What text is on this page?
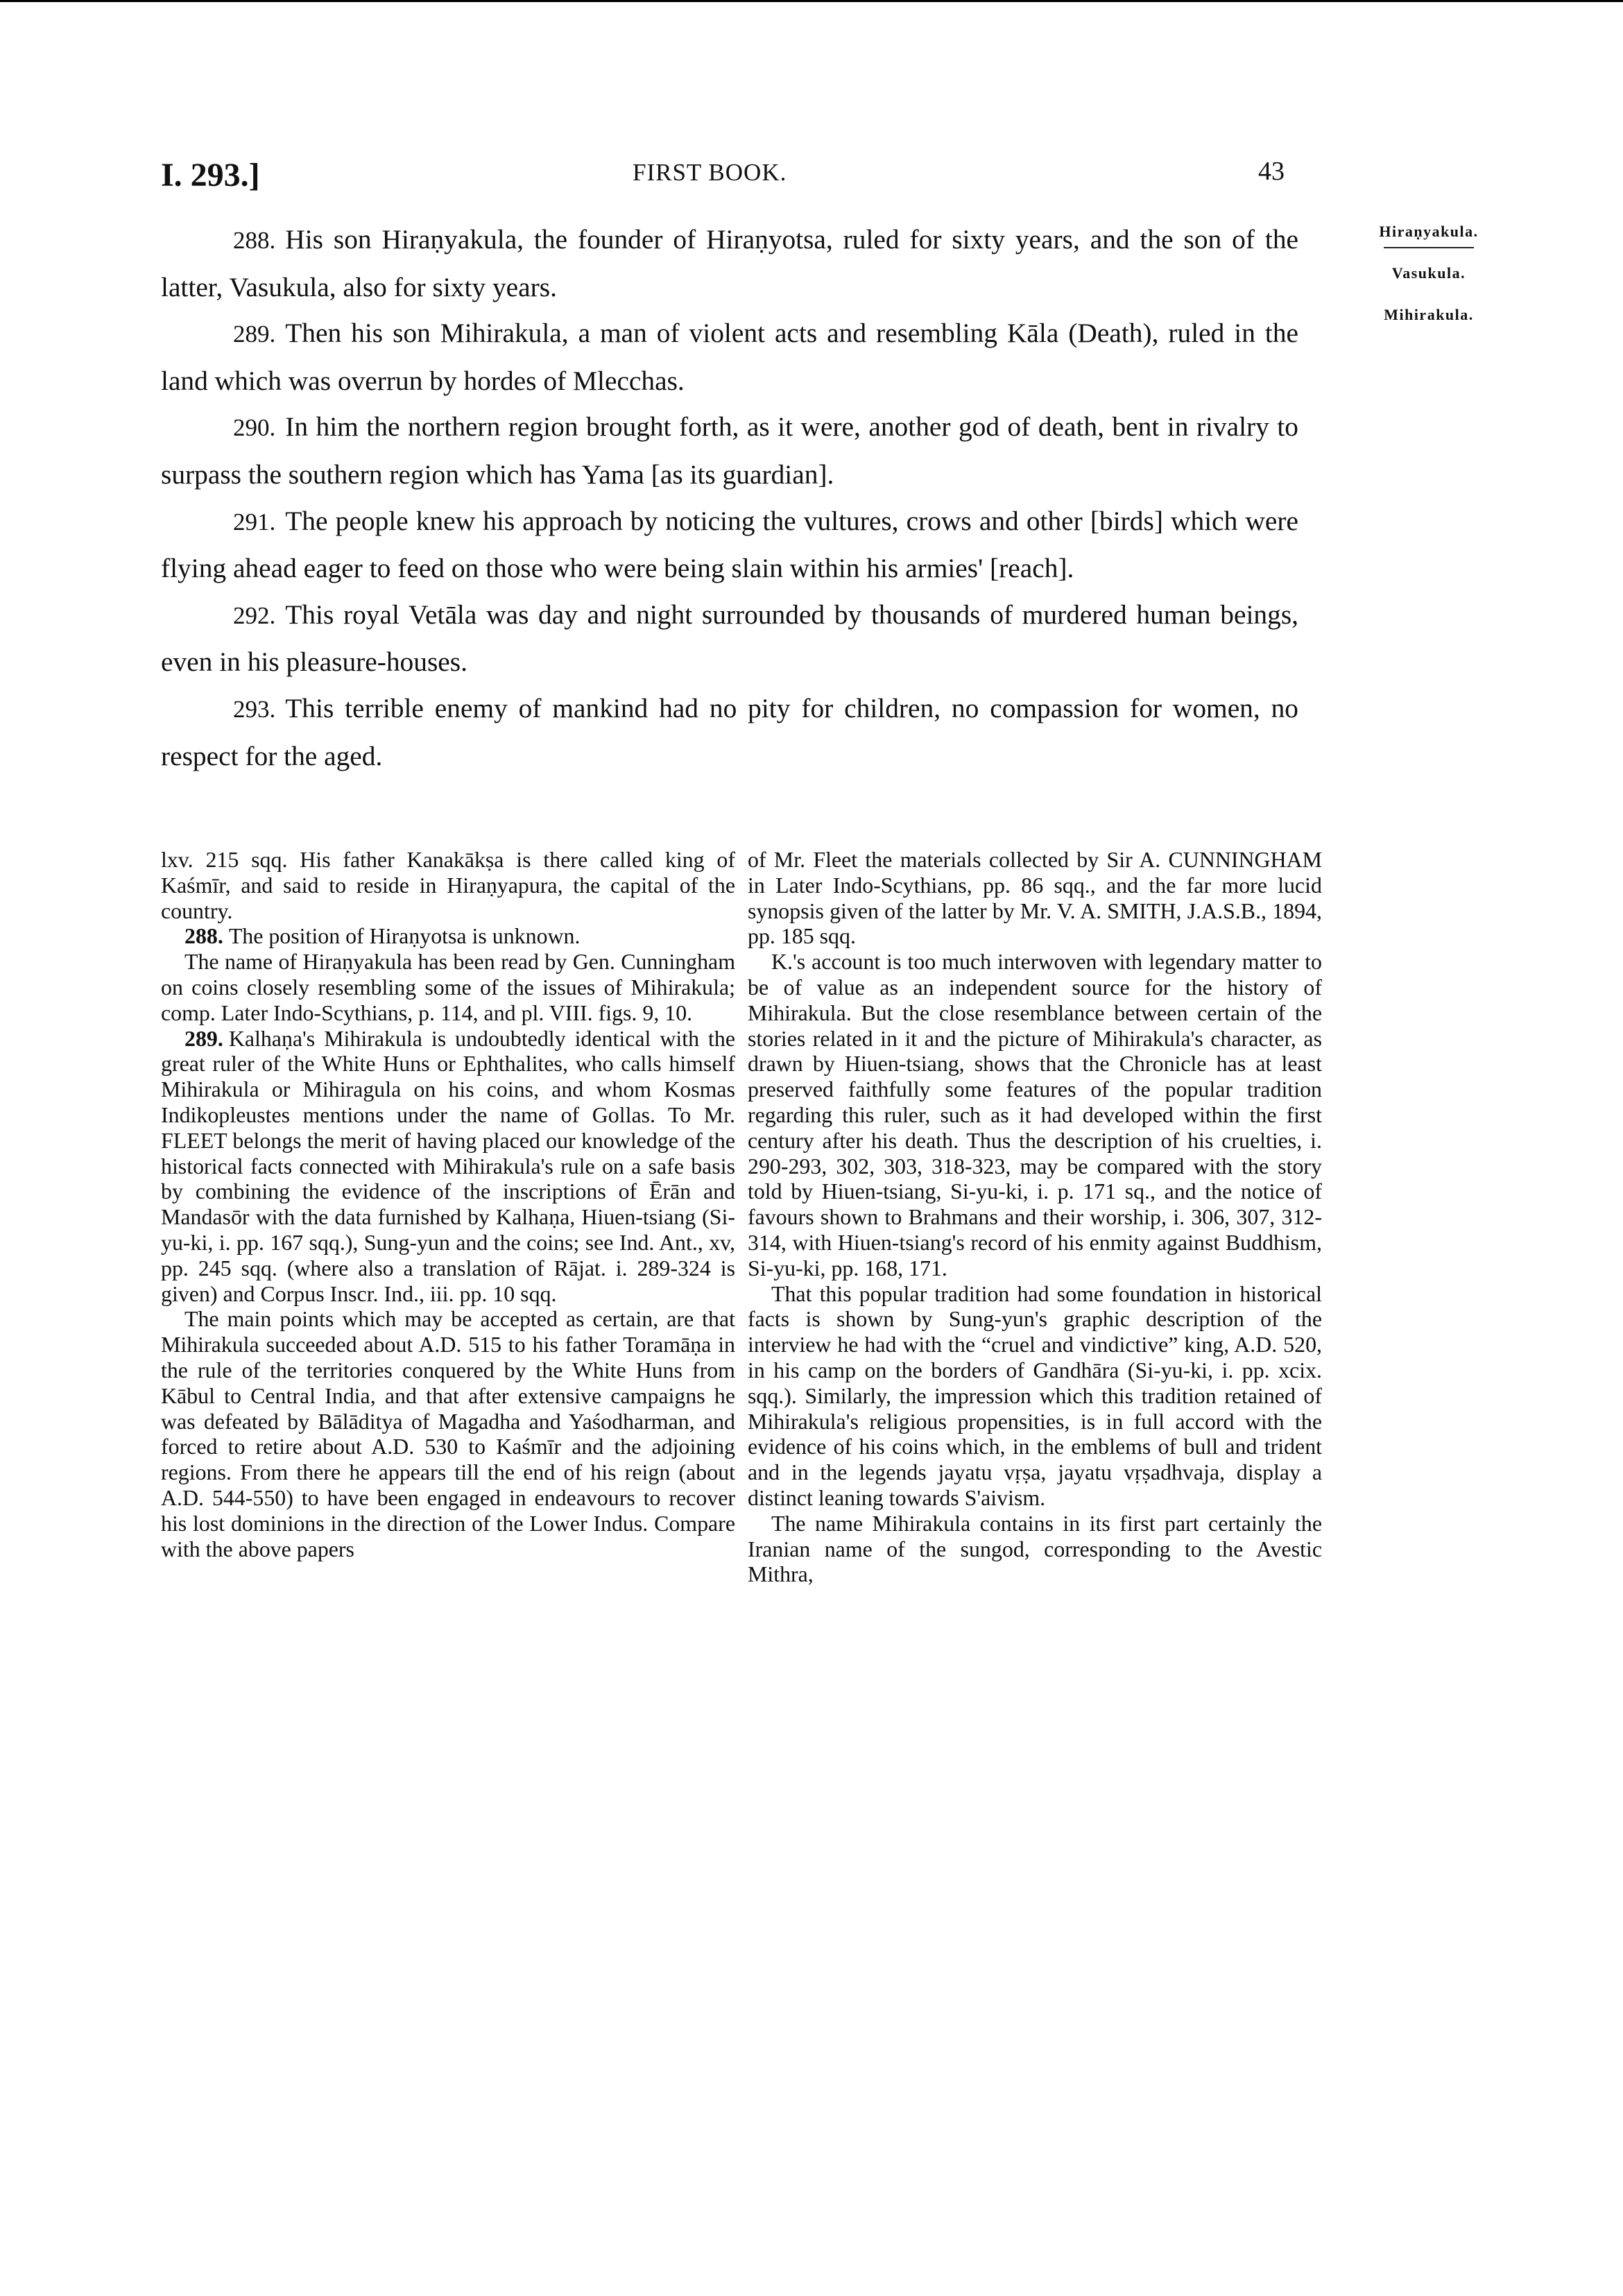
I. 293.]	FIRST BOOK.	43

288. His son Hiraṇyakula, the founder of Hiraṇyotsa, ruled for sixty years, and the son of the latter, Vasukula, also for sixty years.

289. Then his son Mihirakula, a man of violent acts and resembling Kāla (Death), ruled in the land which was overrun by hordes of Mlecchas.

290. In him the northern region brought forth, as it were, another god of death, bent in rivalry to surpass the southern region which has Yama [as its guardian].

291. The people knew his approach by noticing the vultures, crows and other [birds] which were flying ahead eager to feed on those who were being slain within his armies' [reach].

292. This royal Vetāla was day and night surrounded by thousands of murdered human beings, even in his pleasure-houses.

293. This terrible enemy of mankind had no pity for children, no compassion for women, no respect for the aged.

Hiraṇyakula.
Vasukula.
Mihirakula.

lxv. 215 sqq. His father Kanakākṣa is there called king of Kaśmīr, and said to reside in Hiraṇyapura, the capital of the country.

288. The position of Hiraṇyotsa is unknown.

The name of Hiraṇyakula has been read by Gen. Cunningham on coins closely resembling some of the issues of Mihirakula; comp. Later Indo-Scythians, p. 114, and pl. VIII. figs. 9, 10.

289. Kalhaṇa's Mihirakula is undoubtedly identical with the great ruler of the White Huns or Ephthalites, who calls himself Mihirakula or Mihiragula on his coins, and whom Kosmas Indikopleustes mentions under the name of Gollas. To Mr. FLEET belongs the merit of having placed our knowledge of the historical facts connected with Mihirakula's rule on a safe basis by combining the evidence of the inscriptions of Ērān and Mandasōr with the data furnished by Kalhaṇa, Hiuen-tsiang (Si-yu-ki, i. pp. 167 sqq.), Sung-yun and the coins; see Ind. Ant., xv, pp. 245 sqq. (where also a translation of Rājat. i. 289-324 is given) and Corpus Inscr. Ind., iii. pp. 10 sqq.

The main points which may be accepted as certain, are that Mihirakula succeeded about A.D. 515 to his father Toramāṇa in the rule of the territories conquered by the White Huns from Kābul to Central India, and that after extensive campaigns he was defeated by Bālāditya of Magadha and Yaśodharman, and forced to retire about A.D. 530 to Kaśmīr and the adjoining regions. From there he appears till the end of his reign (about A.D. 544-550) to have been engaged in endeavours to recover his lost dominions in the direction of the Lower Indus. Compare with the above papers

of Mr. Fleet the materials collected by Sir A. CUNNINGHAM in Later Indo-Scythians, pp. 86 sqq., and the far more lucid synopsis given of the latter by Mr. V. A. SMITH, J.A.S.B., 1894, pp. 185 sqq.

K.'s account is too much interwoven with legendary matter to be of value as an independent source for the history of Mihirakula. But the close resemblance between certain of the stories related in it and the picture of Mihirakula's character, as drawn by Hiuen-tsiang, shows that the Chronicle has at least preserved faithfully some features of the popular tradition regarding this ruler, such as it had developed within the first century after his death. Thus the description of his cruelties, i. 290-293, 302, 303, 318-323, may be compared with the story told by Hiuen-tsiang, Si-yu-ki, i. p. 171 sq., and the notice of favours shown to Brahmans and their worship, i. 306, 307, 312-314, with Hiuen-tsiang's record of his enmity against Buddhism, Si-yu-ki, pp. 168, 171.

That this popular tradition had some foundation in historical facts is shown by Sung-yun's graphic description of the interview he had with the “cruel and vindictive” king, A.D. 520, in his camp on the borders of Gandhāra (Si-yu-ki, i. pp. xcix. sqq.). Similarly, the impression which this tradition retained of Mihirakula's religious propensities, is in full accord with the evidence of his coins which, in the emblems of bull and trident and in the legends jayatu vṛṣa, jayatu vṛṣadhvaja, display a distinct leaning towards S'aivism.

The name Mihirakula contains in its first part certainly the Iranian name of the sungod, corresponding to the Avestic Mithra,
